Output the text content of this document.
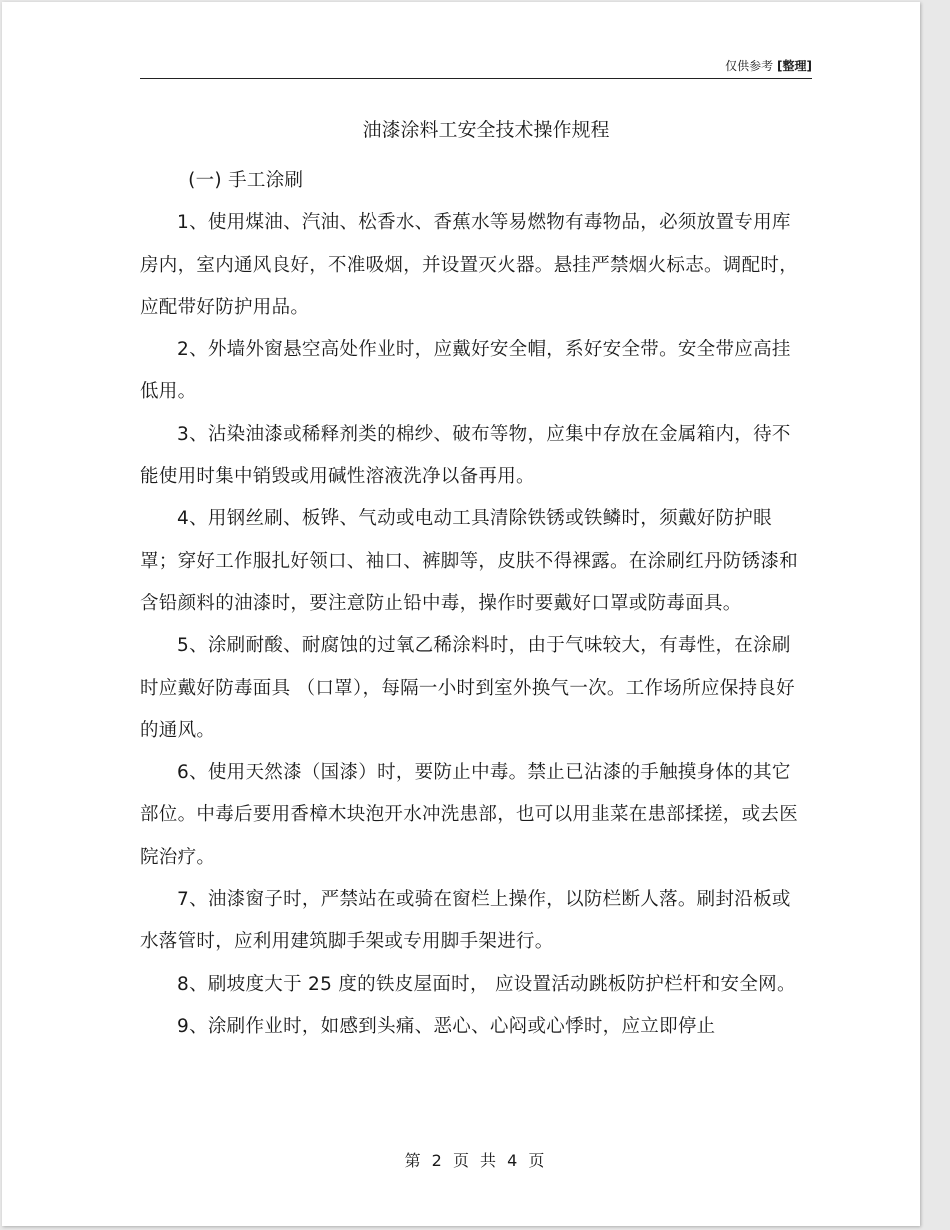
仅供参考 [整理]
油漆涂料工安全技术操作规程

(一) 手工涂刷

1、使用煤油、汽油、松香水、香蕉水等易燃物有毒物品，必须放置专用库房内，室内通风良好，不准吸烟，并设置灭火器。悬挂严禁烟火标志。调配时，应配带好防护用品。

2、外墙外窗悬空高处作业时，应戴好安全帽，系好安全带。安全带应高挂低用。

3、沾染油漆或稀释剂类的棉纱、破布等物，应集中存放在金属箱内，待不能使用时集中销毁或用碱性溶液洗净以备再用。

4、用钢丝刷、板铧、气动或电动工具清除铁锈或铁鳞时，须戴好防护眼罩；穿好工作服扎好领口、袖口、裤脚等，皮肤不得裸露。在涂刷红丹防锈漆和含铅颜料的油漆时，要注意防止铅中毒，操作时要戴好口罩或防毒面具。

5、涂刷耐酸、耐腐蚀的过氧乙稀涂料时，由于气味较大，有毒性，在涂刷时应戴好防毒面具 （口罩），每隔一小时到室外换气一次。工作场所应保持良好的通风。

6、使用天然漆（国漆）时，要防止中毒。禁止已沾漆的手触摸身体的其它部位。中毒后要用香樟木块泡开水冲洗患部，也可以用韭菜在患部揉搓，或去医院治疗。

7、油漆窗子时，严禁站在或骑在窗栏上操作，以防栏断人落。刷封沿板或水落管时，应利用建筑脚手架或专用脚手架进行。

8、刷坡度大于 25 度的铁皮屋面时， 应设置活动跳板防护栏杆和安全网。

9、涂刷作业时，如感到头痛、恶心、心闷或心悸时，应立即停止

第 2 页 共 4 页
